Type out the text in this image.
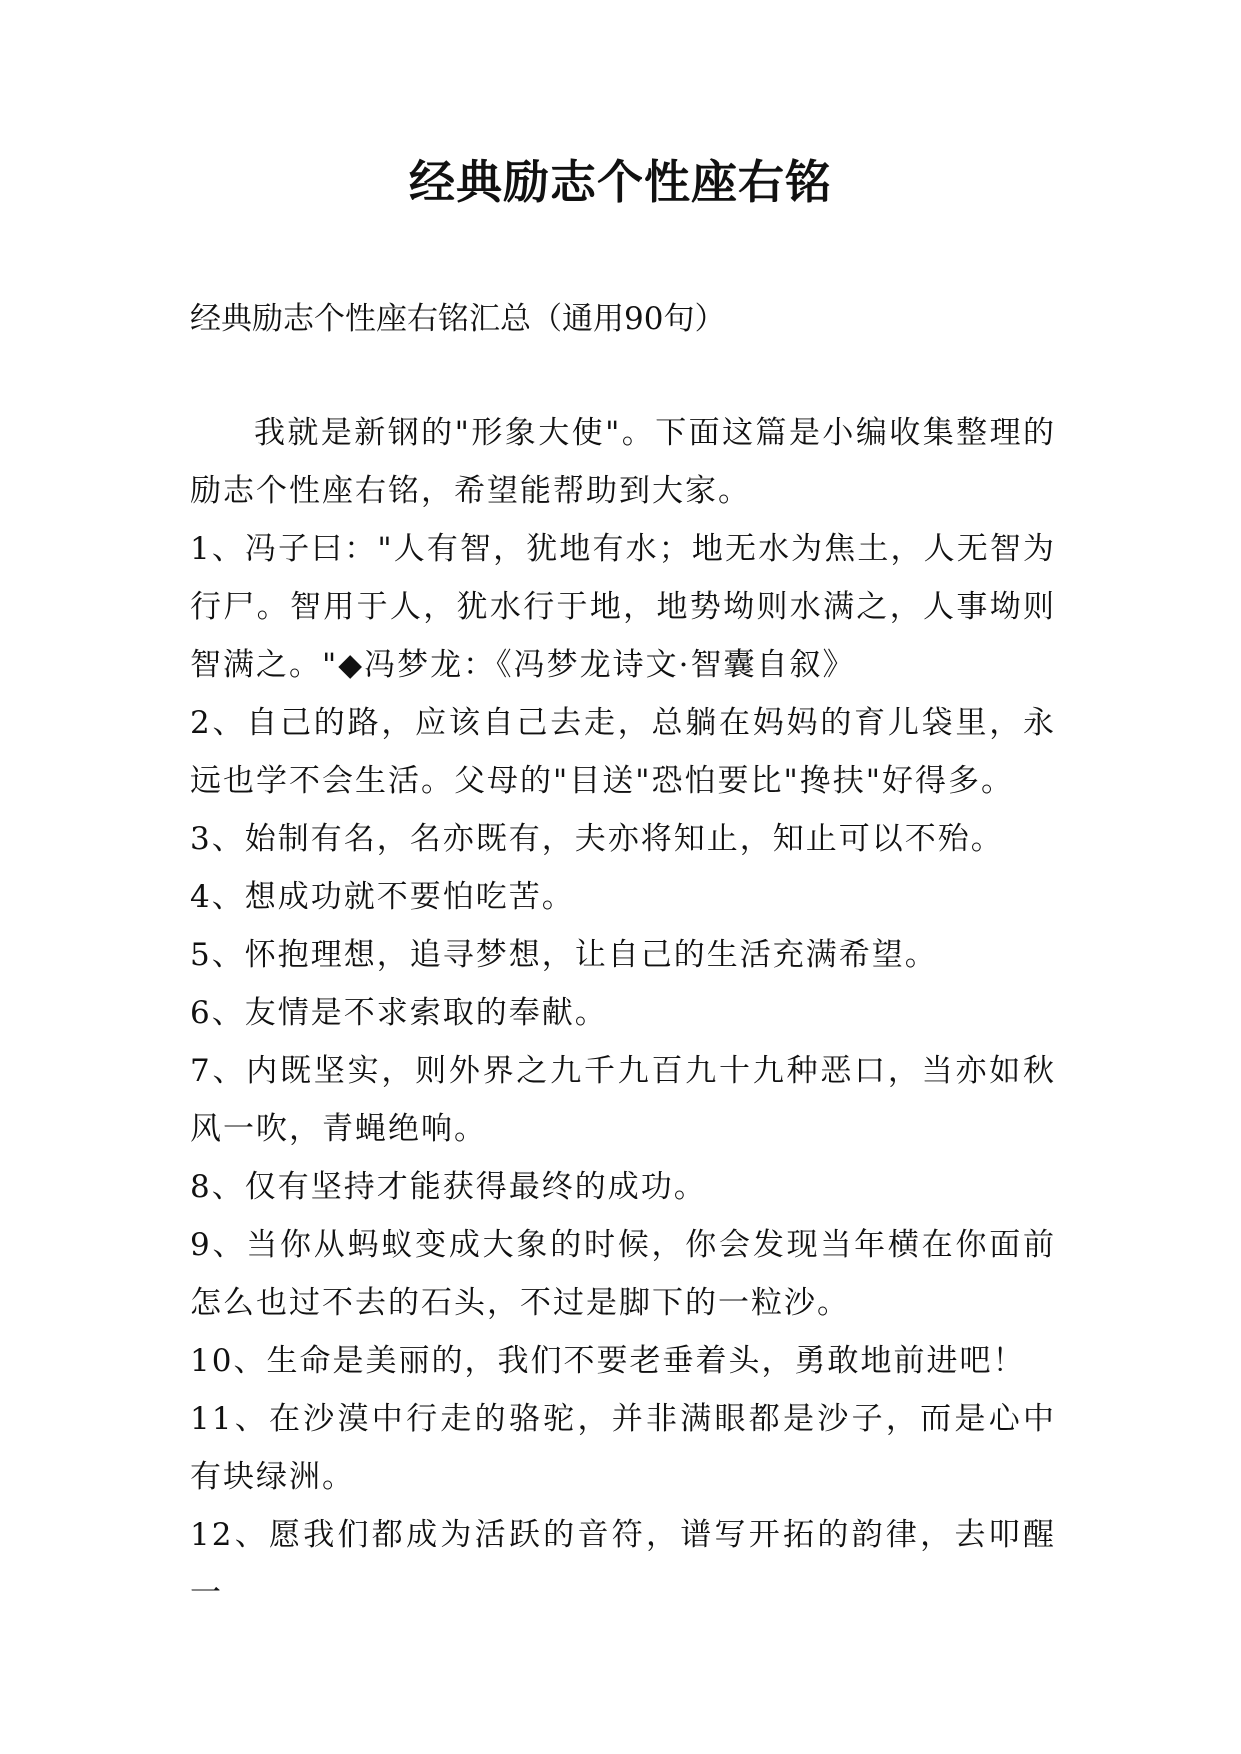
经典励志个性座右铭

经典励志个性座右铭汇总（通用90句）

我就是新钢的"形象大使"。下面这篇是小编收集整理的励志个性座右铭，希望能帮助到大家。

1、冯子曰："人有智，犹地有水；地无水为焦土，人无智为行尸。智用于人，犹水行于地，地势坳则水满之，人事坳则智满之。"◆冯梦龙：《冯梦龙诗文·智囊自叙》

2、自己的路，应该自己去走，总躺在妈妈的育儿袋里，永远也学不会生活。父母的"目送"恐怕要比"搀扶"好得多。

3、始制有名，名亦既有，夫亦将知止，知止可以不殆。

4、想成功就不要怕吃苦。

5、怀抱理想，追寻梦想，让自己的生活充满希望。

6、友情是不求索取的奉献。

7、内既坚实，则外界之九千九百九十九种恶口，当亦如秋风一吹，青蝇绝响。

8、仅有坚持才能获得最终的成功。

9、当你从蚂蚁变成大象的时候，你会发现当年横在你面前怎么也过不去的石头，不过是脚下的一粒沙。

10、生命是美丽的，我们不要老垂着头，勇敢地前进吧！

11、在沙漠中行走的骆驼，并非满眼都是沙子，而是心中有块绿洲。

12、愿我们都成为活跃的音符，谱写开拓的韵律，去叩醒一
